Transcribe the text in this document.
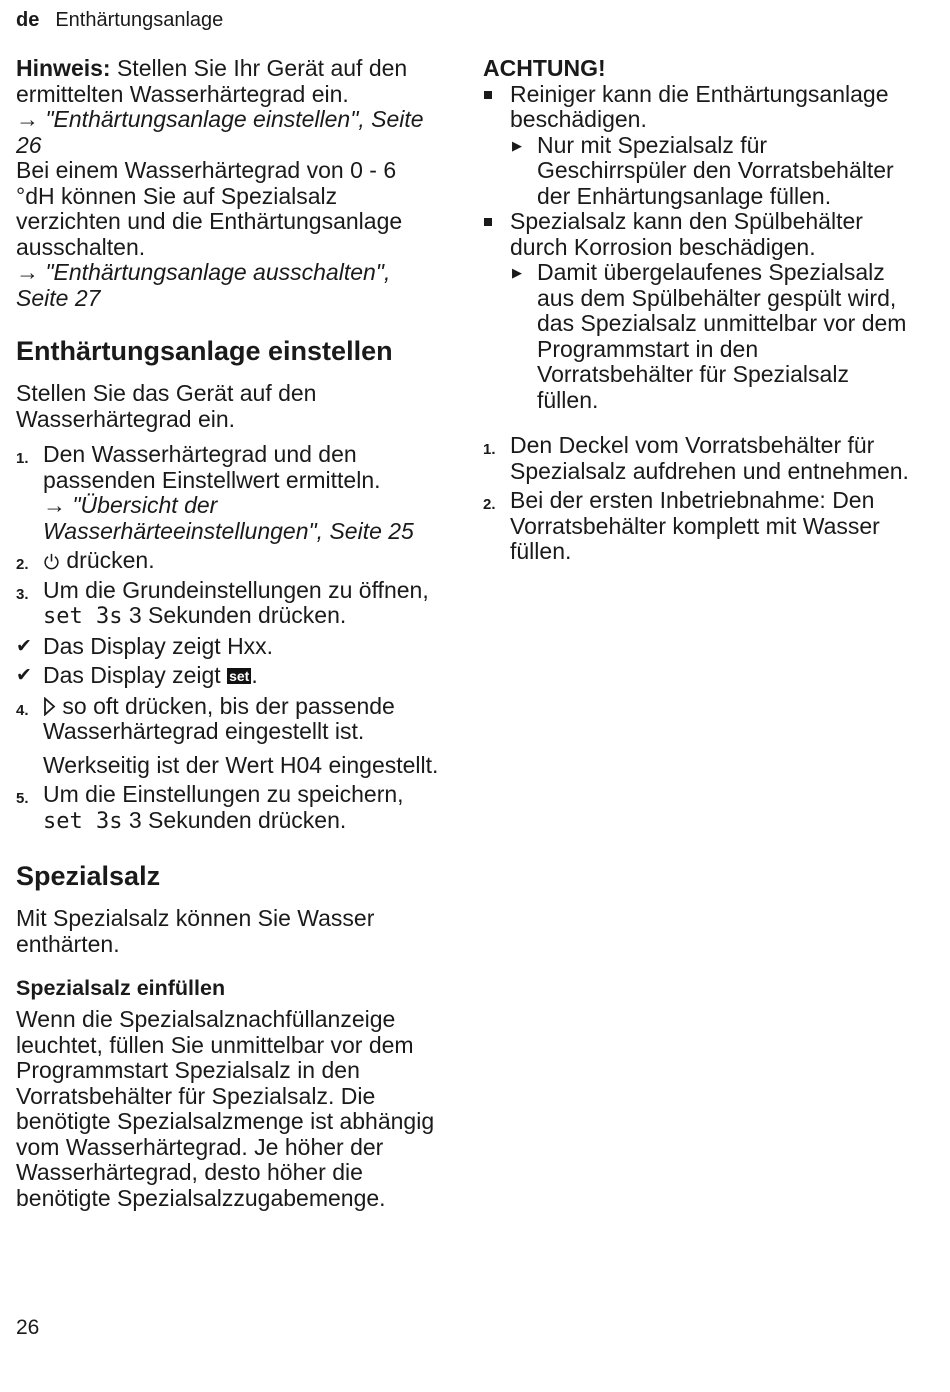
de Enthärtungsanlage

Hinweis: Stellen Sie Ihr Gerät auf den ermittelten Wasserhärtegrad ein.

→ "Enthärtungsanlage einstellen", Seite 26

Bei einem Wasserhärtegrad von 0 - 6 °dH können Sie auf Spezialsalz verzichten und die Enthärtungsanlage ausschalten.

→ "Enthärtungsanlage ausschalten", Seite 27

Enthärtungsanlage einstellen

Stellen Sie das Gerät auf den Wasserhärtegrad ein.

1. Den Wasserhärtegrad und den passenden Einstellwert ermitteln.
→ "Übersicht der Wasserhärteeinstellungen", Seite 25
2. drücken.
3. Um die Grundeinstellungen zu öffnen, set 3s 3 Sekunden drücken.
✔ Das Display zeigt Hxx.
✔ Das Display zeigt set.
4. so oft drücken, bis der passende Wasserhärtegrad eingestellt ist.

Werkseitig ist der Wert H04 eingestellt.

5. Um die Einstellungen zu speichern, set 3s 3 Sekunden drücken.
Spezialsalz

Mit Spezialsalz können Sie Wasser enthärten.

Spezialsalz einfüllen

Wenn die Spezialsalznachfüllanzeige leuchtet, füllen Sie unmittelbar vor dem Programmstart Spezialsalz in den Vorratsbehälter für Spezialsalz. Die benötigte Spezialsalzmenge ist abhängig vom Wasserhärtegrad. Je höher der Wasserhärtegrad, desto höher die benötigte Spezialsalzzugabemenge.

ACHTUNG!
Reiniger kann die Enthärtungsanlage beschädigen.
▶ Nur mit Spezialsalz für Geschirrspüler den Vorratsbehälter der Enhärtungsanlage füllen.
Spezialsalz kann den Spülbehälter durch Korrosion beschädigen.
▶ Damit übergelaufenes Spezialsalz aus dem Spülbehälter gespült wird, das Spezialsalz unmittelbar vor dem Programmstart in den Vorratsbehälter für Spezialsalz füllen.
1. Den Deckel vom Vorratsbehälter für Spezialsalz aufdrehen und entnehmen.
2. Bei der ersten Inbetriebnahme: Den Vorratsbehälter komplett mit Wasser füllen.
26
